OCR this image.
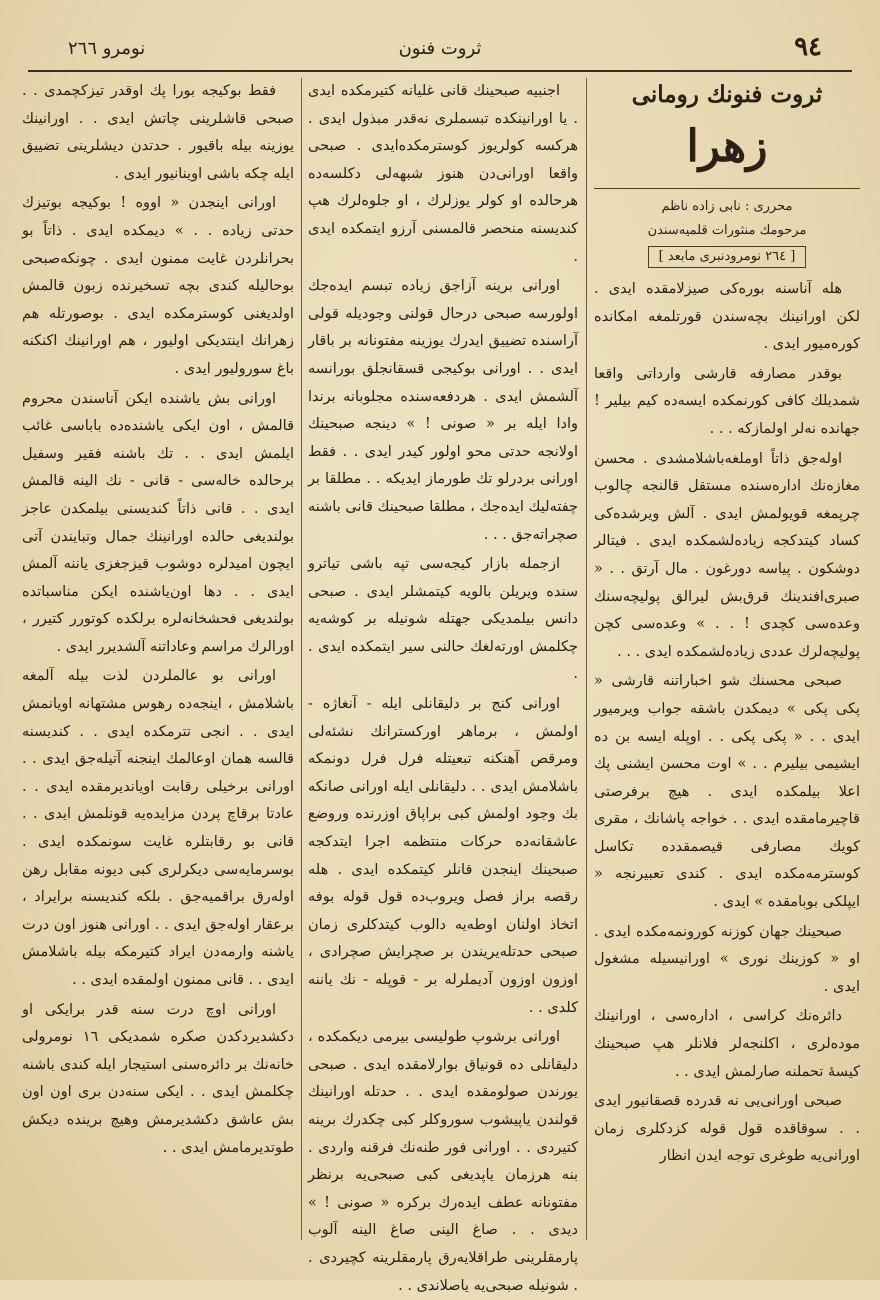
٩٤
ثروت فنون
نومرو ٢٦٦
ثروت فنونك رومانی
زهرا
محرری : نابی زاده ناظم
مرحومك منثورات قلمیه‌سندن
[ ٢٦٤ نومرودنبری مابعد ]

هله آناسنه بوره‌كی صیزلامقده ایدی . لكن اورانینك بچه‌سندن قورتلمغه امكانده كوره‌میور ایدی .

بوقدر مصارفه قارشی وارداتی واقعا شمدیلك كافی كورنمكده ایسه‌ده كیم بیلیر ! جهانده نه‌لر اولمازكه . . .

اوله‌جق ذاتاً اوملغه‌باشلامشدی . محسن مغازه‌نك اداره‌سنده مستقل قالنجه چالوب چرپمغه قویولمش ایدی . آلش ویرشده‌كی كساد كیتدكجه زیاده‌لشمكده ایدی . فیتالر دوشكون . پیاسه دورغون . مال آرتق . . « صبری‌افندینك قرق‌بش لیرالق پولیچه‌سنك وعده‌سی كچدی ! . . » وعده‌سی كچن پولیچه‌لرك عددی زیاده‌لشمكده ایدی . . .

صبحی محسنك شو اخباراتنه قارشی « پكی پكی » دیمكدن باشقه جواب ویرمیور ایدی . . « پكی پكی . . اوپله ایسه بن ده ایشیمی بیلیرم . . » اوت محسن ایشنی پك اعلا بیلمكده ایدی . هیچ برفرصتی قاچیرمامقده ایدی . . خواجه پاشانك ، مقری كویك مصارفی قیصمقدده تكاسل كوسترمه‌مكده ایدی . كندی تعبیرنجه « ایپلكی بوبامقده » ایدی .

صبحینك جهان كوزنه كورونمه‌مكده ایدی . او « كوزینك نوری » اورانیسیله مشغول ایدی .

دائره‌نك كراسی ، اداره‌سی ، اورانینك موده‌لری ، اكلنجه‌لر فلانلر هپ صبحینك كیسهٔ تحملنه صارلمش ایدی . .

صبحی اورانی‌یی نه قدرده قصقانیور ایدی . . سوقاقده قول قوله كزدكلری زمان اورانی‌یه طوغری توجه ایدن انظار

اجنبیه صبحینك قانی غلیانه كتیرمكده ایدی . یا اورانینكده تبسملری نه‌قدر مبذول ایدی . هركسه كولریوز كوسترمكده‌ایدی . صبحی واقعا اورانی‌دن هنوز شبهه‌لی دكلسه‌ده هرحالده او كولر یوزلرك ، او جلوه‌لرك هپ كندیسنه منحصر قالمسنی آرزو ایتمكده ایدی .

اورانی برینه آزاجق زیاده تبسم ایده‌جك اولورسه صبحی درحال قولنی وجودیله قولی آراسنده تضییق ایدرك یوزینه مفتونانه بر باقار ایدی . . اورانی بوكیجی قسقانجلق بورانسه آلشمش ایدی . هردفعه‌سنده مجلوبانه برندا وادا ایله بر « صونی ! » دینجه صبحینك اولانجه حدتی محو اولور كیدر ایدی . . فقط اورانی بردرلو تك طورماز ایدیكه . . مطلقا بر چفته‌لیك ایده‌جك ، مطلقا صبحینك قانی باشنه صچراته‌جق . . .

ازجمله بازار كیجه‌سی تپه باشی تیاترو سنده ویریلن بالویه كیتمشلر ایدی . صبحی دانس بیلمدیكی جهتله شونیله بر كوشه‌یه چكلمش اورته‌لغك حالنی سیر ایتمكده ایدی . .

اورانی كنج بر دلیقانلی ایله - آنغاژه - اولمش ، برماهر اوركسترانك نشئه‌لی ومرقص آهنكنه تبعیتله فرل فرل دونمكه باشلامش ایدی . . دلیقانلی ایله اورانی صانكه بك وجود اولمش كبی براپاق اوزرنده وروضع عاشقانه‌ده حركات منتظمه اجرا ایتدكجه صبحینك اینجدن قانلر كیتمكده ایدی . هله رقصه براز فصل ویروب‌ده قول قوله بوفه اتخاذ اولنان اوطه‌یه دالوب كیتدكلری زمان صبحی حدتله‌یریندن بر صچرایش صچرادی ، اوزون اوزون آدیملرله بر - قوپله - نك یاننه كلدی . .

اورانی برشوپ طولیسی بیرمی دیكمكده ، دلیقانلی ده قونیاق بوارلامقده ایدی . صبحی یورندن صولومقده ایدی . . حدتله اورانینك قولندن یاپیشوب سوروكلر كبی چكدرك برینه كتیردی . . اورانی فور طنه‌نك فرقنه واردی . بنه هرزمان یاپدیغی كبی صبحی‌یه برنظر مفتونانه عطف ایده‌رك بركره « صونی ! » دیدی . . صاغ الینی صاغ الینه آلوب پارمقلرینی طراقلایه‌رق پارمقلرینه كچیردی . . شونیله صبحی‌یه یاصلاندی . .

فقط بوكیجه بورا پك اوقدر تیزكچمدی . . صبحی قاشلرینی چاتش ایدی . . اورانینك یوزینه بیله باقیور . حدتدن دیشلرینی تضییق ایله چكه باشی اوینانیور ایدی .

اورانی اینجدن « اووه ! بوكیجه بوتیزك حدتی زیاده . . » دیمكده ایدی . ذاتاً بو بحرانلردن غایت ممنون ایدی . چونكه‌صبحی بوحالیله كندی بچه تسخیرنده زبون قالمش اولدیغنی كوسترمكده ایدی . بوصورتله هم زهرانك اینتدیكی اولیور ، هم اورانینك اكنكنه باغ سوروليور ایدی .

اورانی بش یاشنده ایكن آناسندن محروم قالمش ، اون ایكی یاشنده‌ده باباسی غائب ایلمش ایدی . . تك باشنه فقیر وسفیل برحالده خاله‌سی - قانی - نك الینه قالمش ایدی . . قانی ذاتاً كندیسنی بیلمكدن عاجز بولندیغی حالده اورانینك جمال وتبایندن آتی ایچون امیدلره دوشوب قیزجغزی یاننه آلمش ایدی . . دها اون‌یاشنده ایكن مناسباتده بولندیغی فحشخانه‌لره برلكده كوتورر كتیرر ، اورالرك مراسم وعاداتنه آلشدیرر ایدی .

اورانی بو عالملردن لذت بیله آلمغه باشلامش ، اینجه‌ده رهوس مشتهانه اویانمش ایدی . . انجی تترمكده ایدی . . كندیسنه قالسه همان اوعالمك اینجنه آتیله‌جق ایدی . . اورانی برخیلی رقابت اویاندیرمقده ایدی . . عادتا برقاچ پردن مزایده‌یه قونلمش ایدی . . قانی بو رقابتلره غایت سونمكده ایدی . بوسرمایه‌سی دیكرلری كبی دیونه مقابل رهن اوله‌رق براقمیه‌جق . بلكه كندیسنه برایراد ، برعقار اوله‌جق ایدی . . اورانی هنوز اون درت یاشنه وارمه‌دن ایراد كتیرمكه بیله باشلامش ایدی . . قانی ممنون اولمقده ایدی . .

اورانی اوچ درت سنه قدر برایكی او دكشدیردكدن صكره شمدیكی ١٦ نومرولی خانه‌نك بر دائره‌سنی استیجار ایله كندی باشنه چكلمش ایدی . . ایكی سنه‌دن بری اون اون بش عاشق دكشدیرمش وهیچ برینده دیكش طوتدیرمامش ایدی . .
